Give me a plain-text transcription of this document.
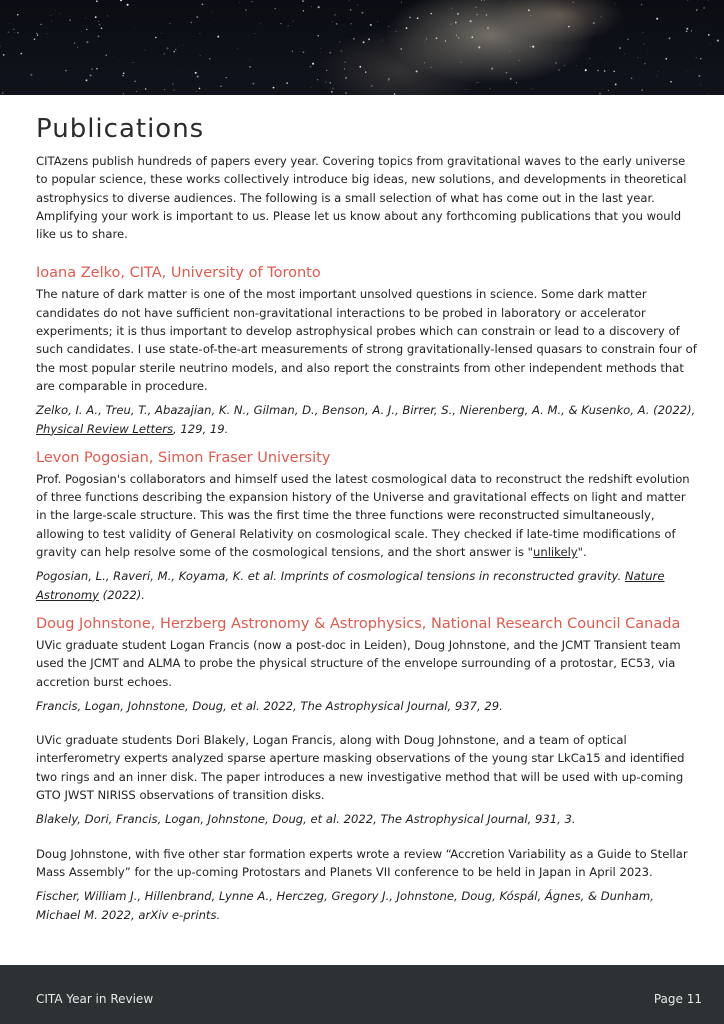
Publications

CITAzens publish hundreds of papers every year. Covering topics from gravitational waves to the early universe to popular science, these works collectively introduce big ideas, new solutions, and developments in theoretical astrophysics to diverse audiences. The following is a small selection of what has come out in the last year. Amplifying your work is important to us. Please let us know about any forthcoming publications that you would like us to share.

Ioana Zelko, CITA, University of Toronto

The nature of dark matter is one of the most important unsolved questions in science. Some dark matter candidates do not have sufficient non-gravitational interactions to be probed in laboratory or accelerator experiments; it is thus important to develop astrophysical probes which can constrain or lead to a discovery of such candidates. I use state-of-the-art measurements of strong gravitationally-lensed quasars to constrain four of the most popular sterile neutrino models, and also report the constraints from other independent methods that are comparable in procedure.

Zelko, I. A., Treu, T., Abazajian, K. N., Gilman, D., Benson, A. J., Birrer, S., Nierenberg, A. M., & Kusenko, A. (2022), Physical Review Letters, 129, 19.
Levon Pogosian, Simon Fraser University

Prof. Pogosian's collaborators and himself used the latest cosmological data to reconstruct the redshift evolution of three functions describing the expansion history of the Universe and gravitational effects on light and matter in the large-scale structure. This was the first time the three functions were reconstructed simultaneously, allowing to test validity of General Relativity on cosmological scale. They checked if late-time modifications of gravity can help resolve some of the cosmological tensions, and the short answer is "unlikely".

Pogosian, L., Raveri, M., Koyama, K. et al. Imprints of cosmological tensions in reconstructed gravity. Nature Astronomy (2022).
Doug Johnstone, Herzberg Astronomy & Astrophysics, National Research Council Canada

UVic graduate student Logan Francis (now a post-doc in Leiden), Doug Johnstone, and the JCMT Transient team used the JCMT and ALMA to probe the physical structure of the envelope surrounding of a protostar, EC53, via accretion burst echoes.

Francis, Logan, Johnstone, Doug, et al. 2022, The Astrophysical Journal, 937, 29.

UVic graduate students Dori Blakely, Logan Francis, along with Doug Johnstone, and a team of optical interferometry experts analyzed sparse aperture masking observations of the young star LkCa15 and identified two rings and an inner disk. The paper introduces a new investigative method that will be used with up-coming GTO JWST NIRISS observations of transition disks.

Blakely, Dori, Francis, Logan, Johnstone, Doug, et al. 2022, The Astrophysical Journal, 931, 3.

Doug Johnstone, with five other star formation experts wrote a review “Accretion Variability as a Guide to Stellar Mass Assembly” for the up-coming Protostars and Planets VII conference to be held in Japan in April 2023.

Fischer, William J., Hillenbrand, Lynne A., Herczeg, Gregory J., Johnstone, Doug, Kóspál, Ágnes, & Dunham, Michael M. 2022, arXiv e-prints.
CITA Year in Review	Page 11
